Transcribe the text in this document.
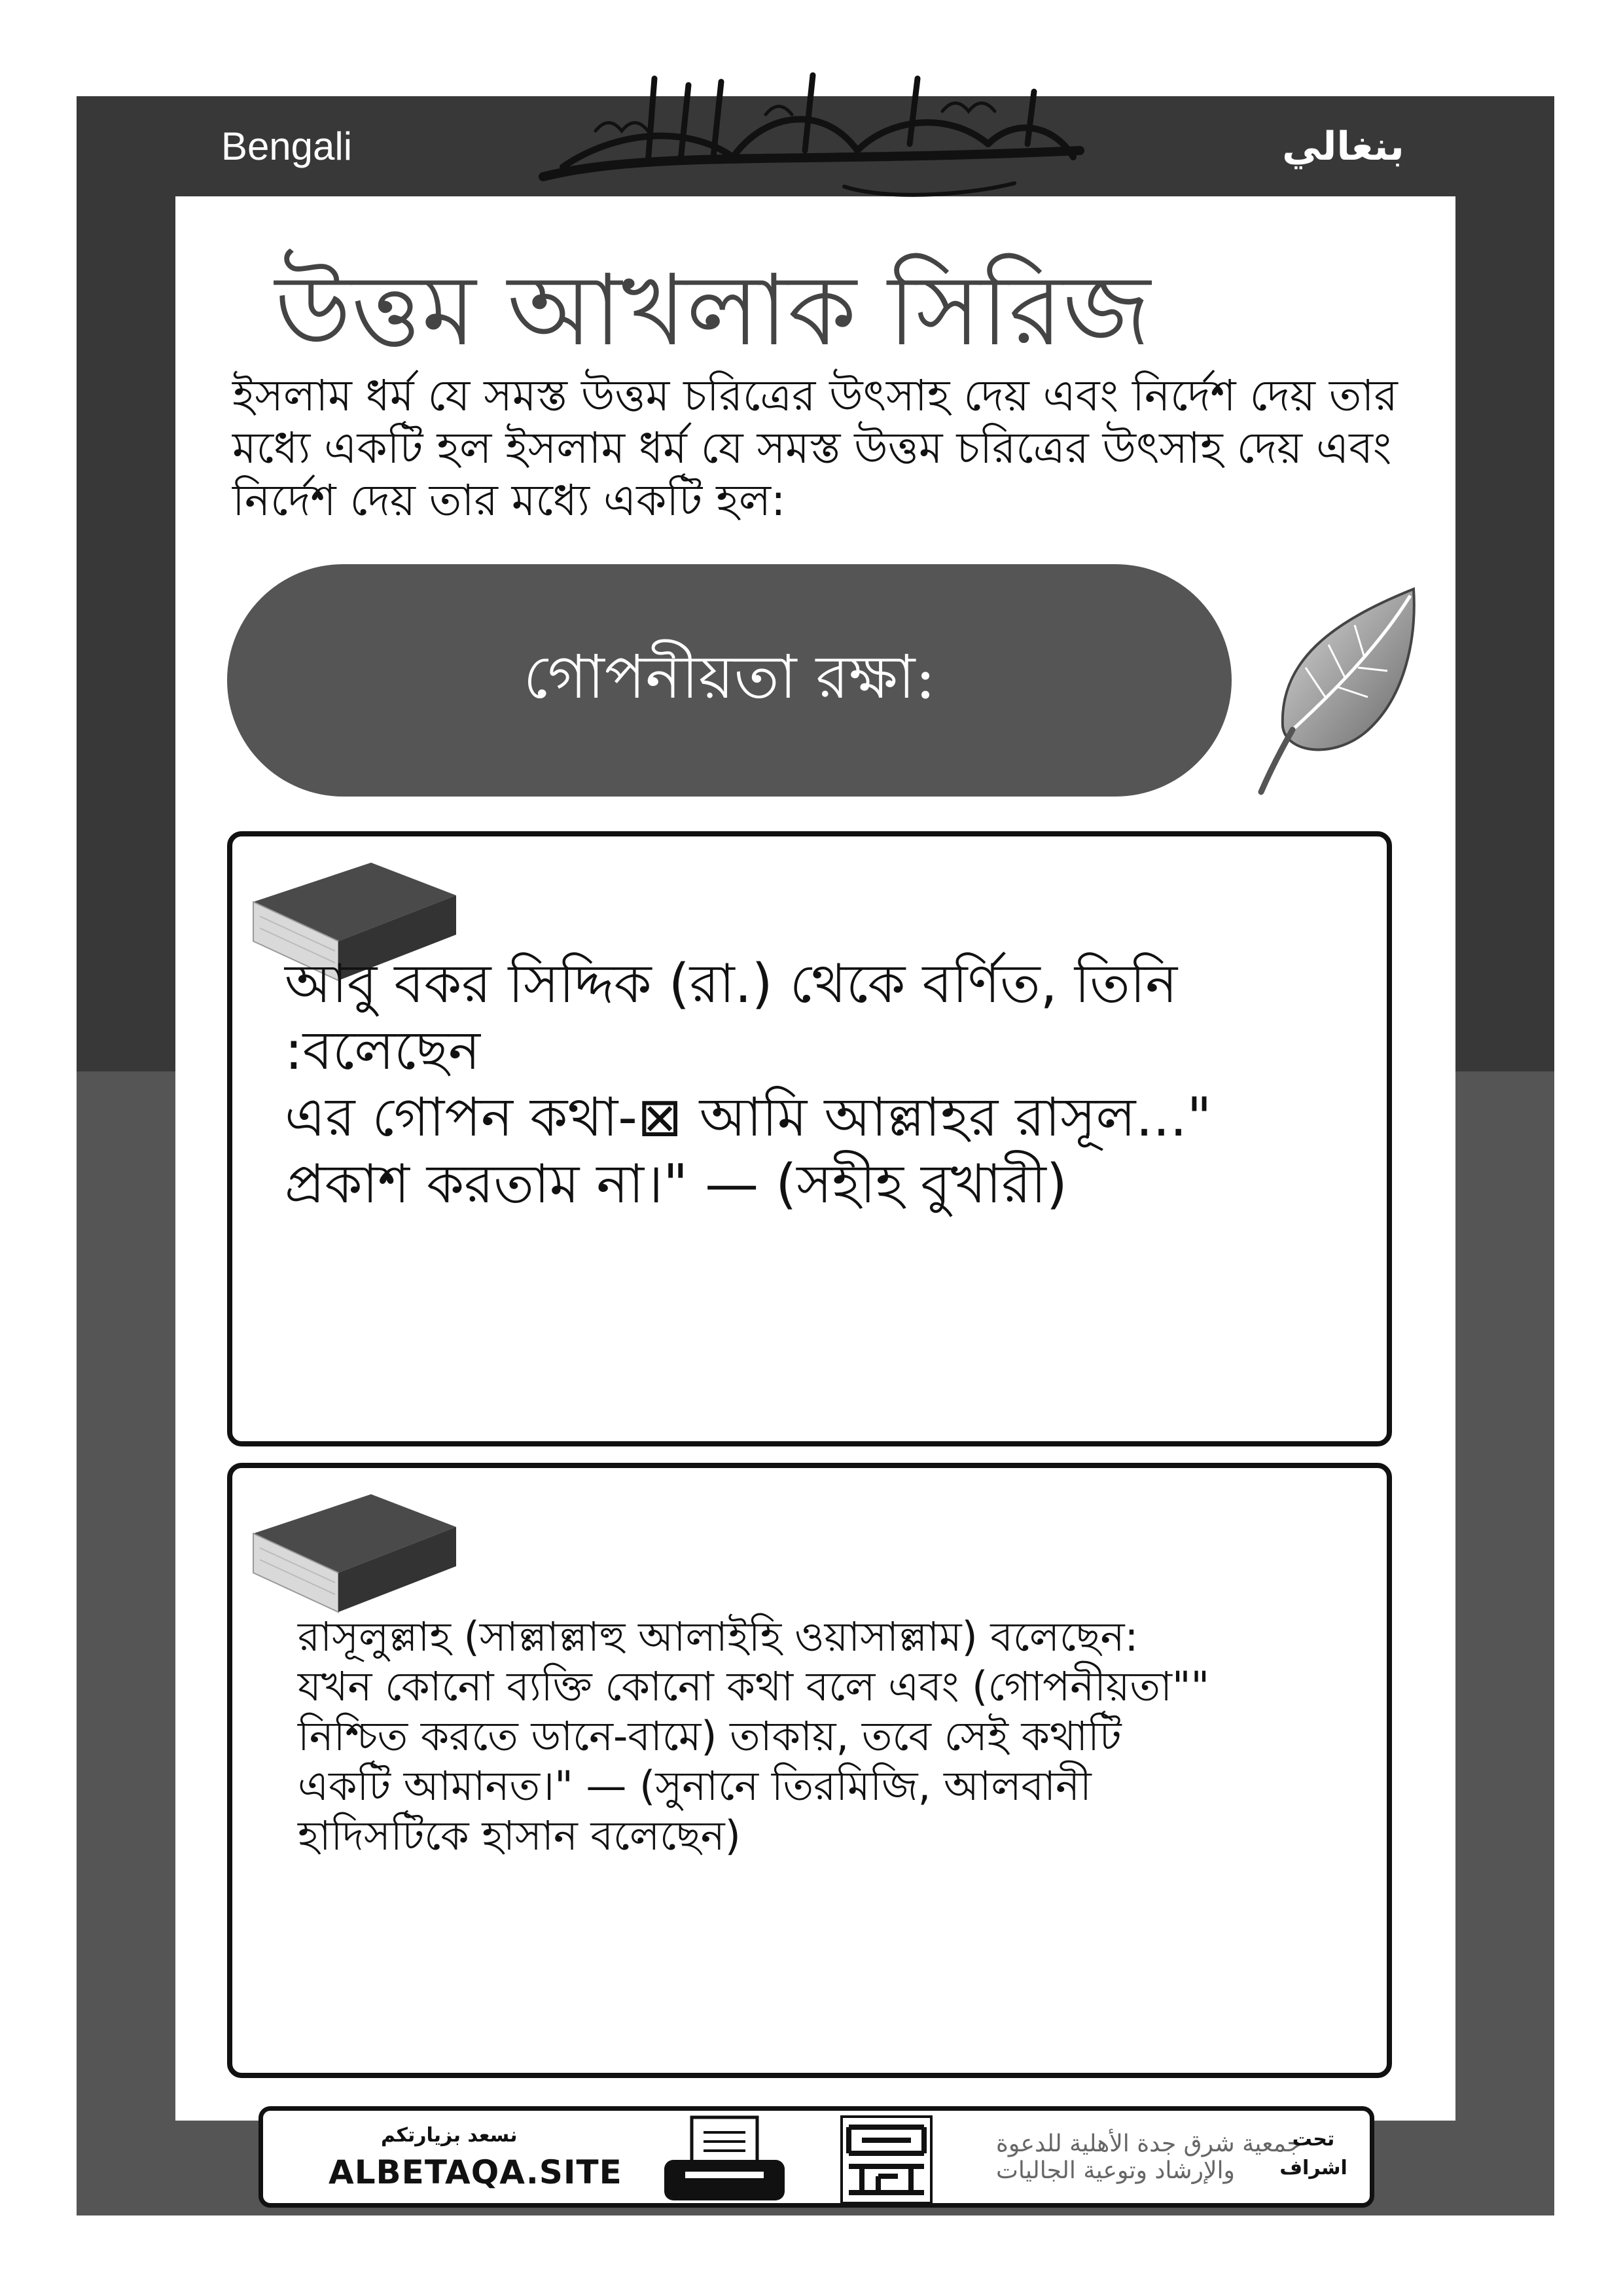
Bengali	بنغالي
উত্তম আখলাক সিরিজ
ইসলাম ধর্ম যে সমস্ত উত্তম চরিত্রের উৎসাহ দেয় এবং নির্দেশ দেয় তার মধ্যে একটি হল ইসলাম ধর্ম যে সমস্ত উত্তম চরিত্রের উৎসাহ দেয় এবং নির্দেশ দেয় তার মধ্যে একটি হল:
গোপনীয়তা রক্ষা:
আবু বকর সিদ্দিক (রা.) থেকে বর্ণিত, তিনি
:বলেছেন
এর গোপন কথা-⊠ আমি আল্লাহর রাসূল..."
প্রকাশ করতাম না।" — (সহীহ বুখারী)
রাসূলুল্লাহ (সাল্লাল্লাহু আলাইহি ওয়াসাল্লাম) বলেছেন:
যখন কোনো ব্যক্তি কোনো কথা বলে এবং (গোপনীয়তা""
নিশ্চিত করতে ডানে-বামে) তাকায়, তবে সেই কথাটি
একটি আমানত।" — (সুনানে তিরমিজি, আলবানী
হাদিসটিকে হাসান বলেছেন)
نسعد بزيارتكم
ALBETAQA.SITE
جمعية شرق جدة الأهلية للدعوة والإرشاد وتوعية الجاليات
تحت
اشراف
